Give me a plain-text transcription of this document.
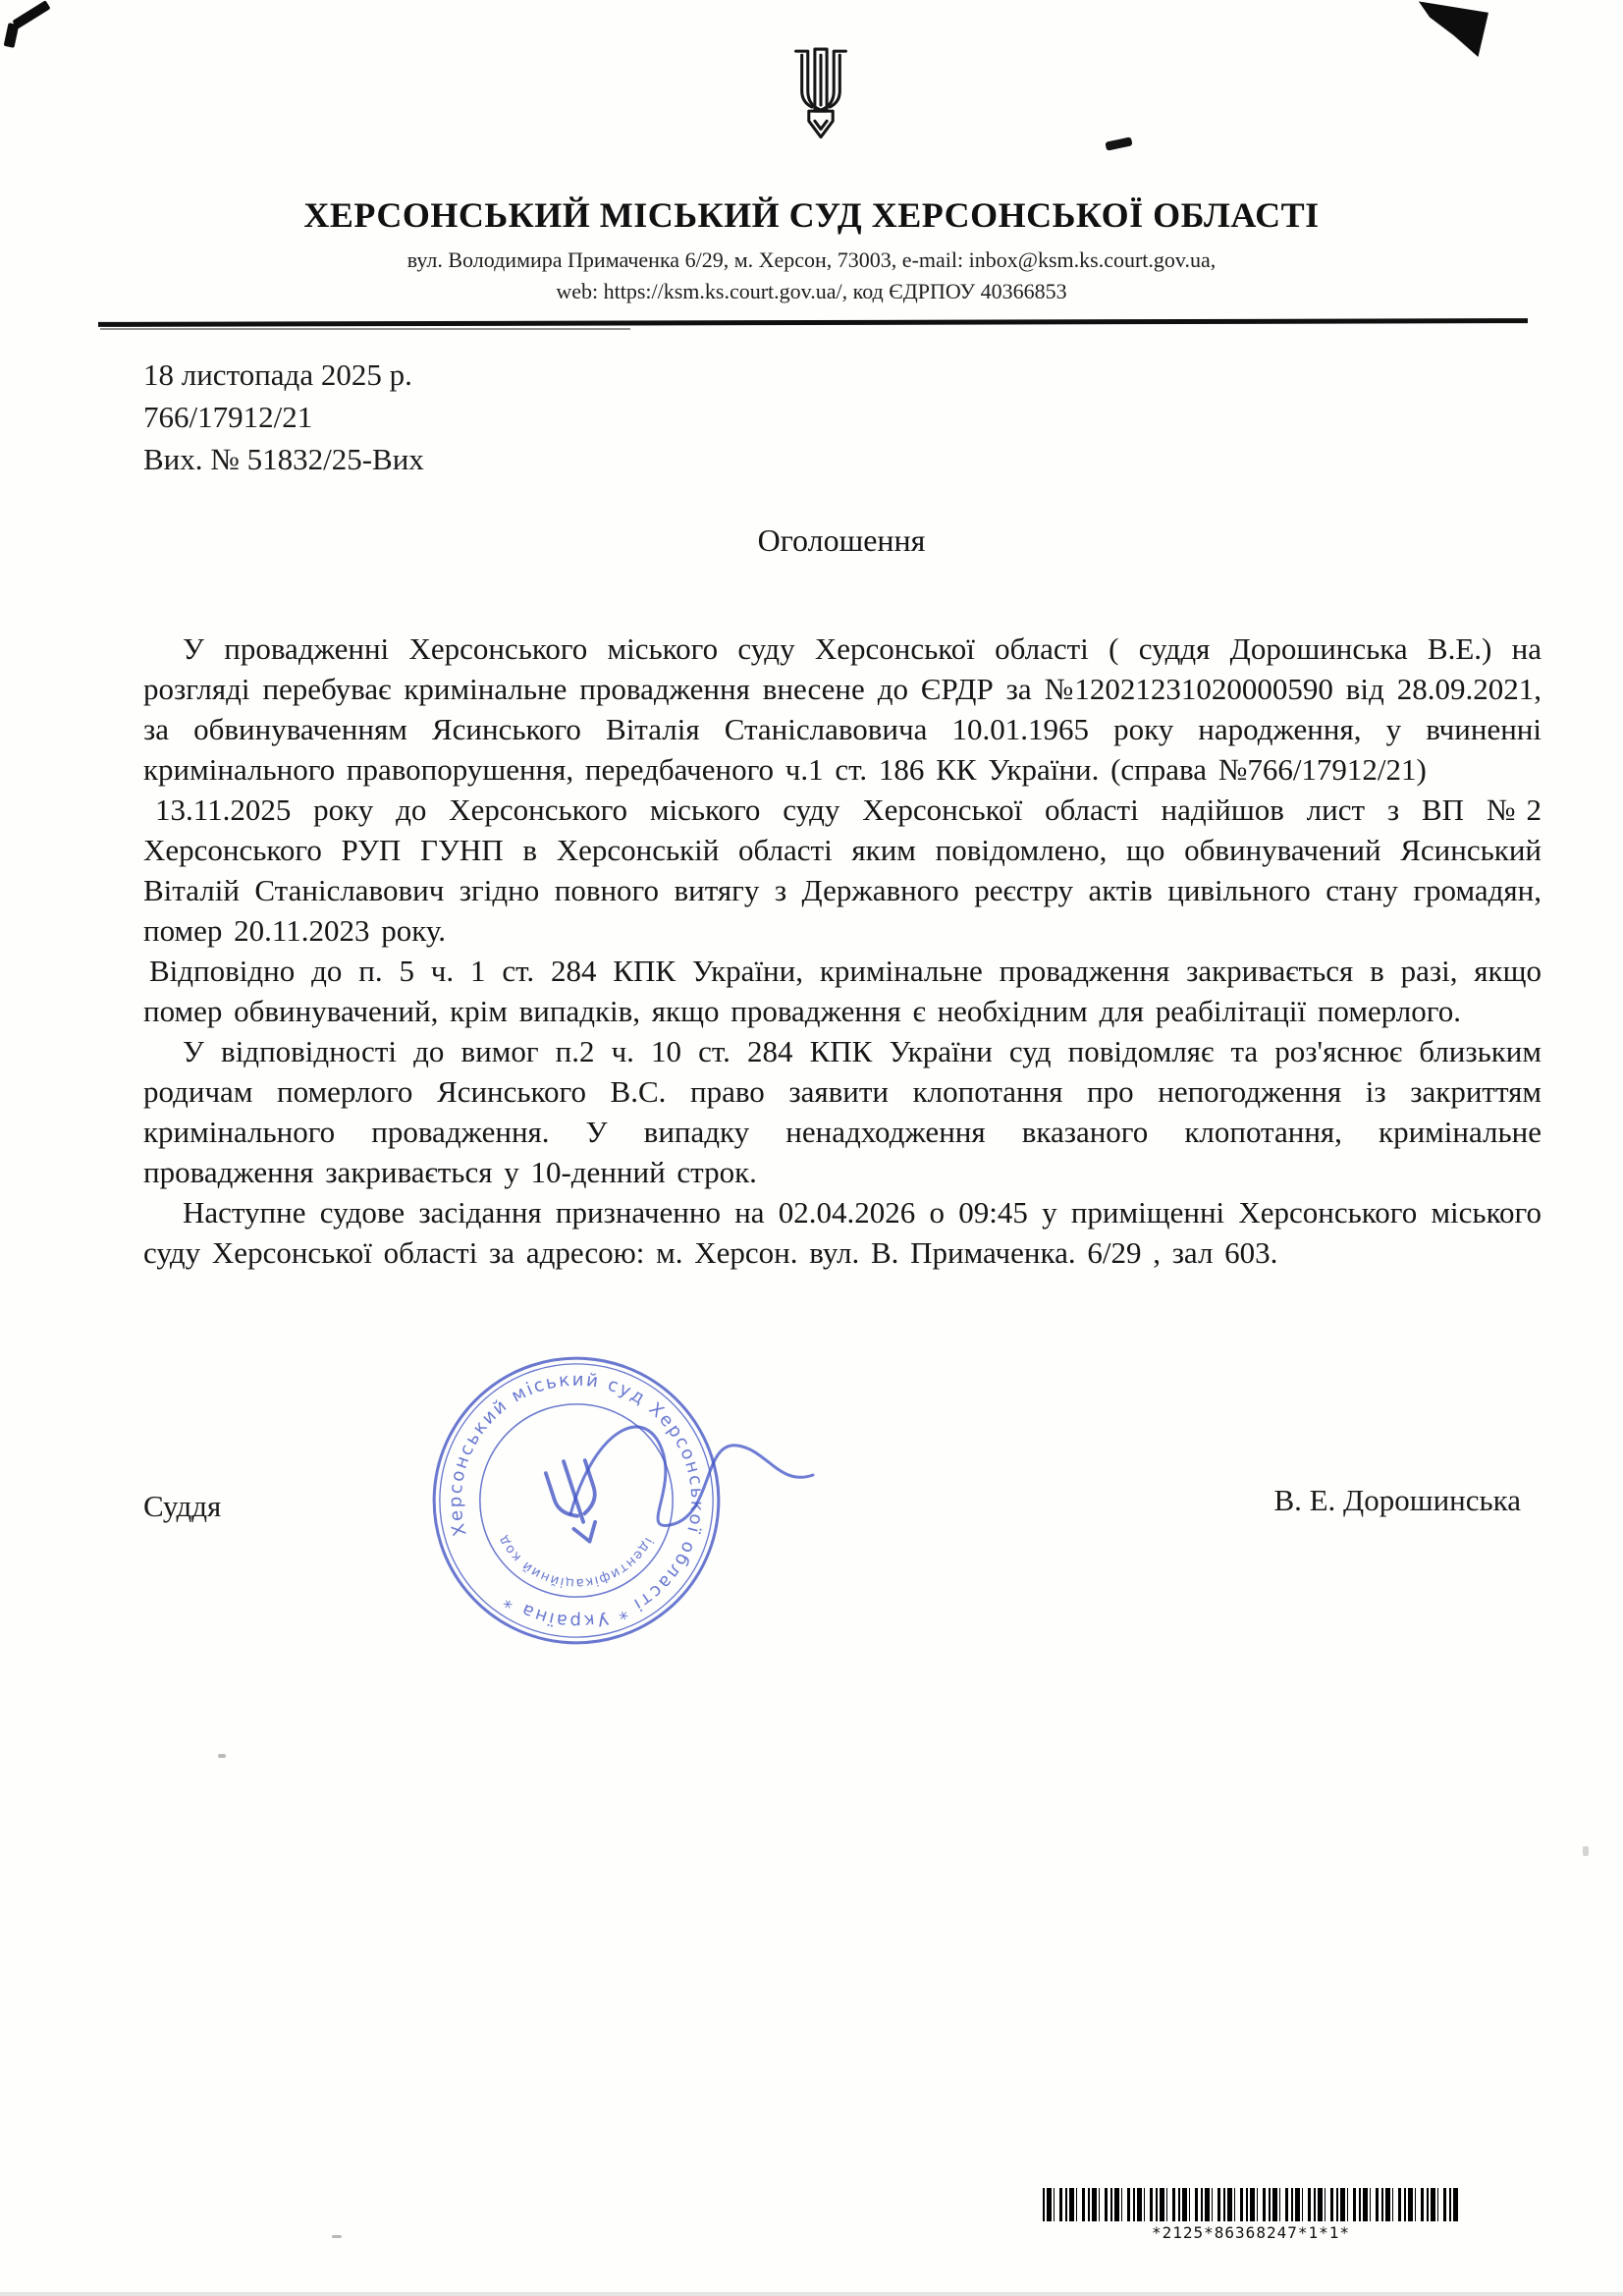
ХЕРСОНСЬКИЙ МІСЬКИЙ СУД ХЕРСОНСЬКОЇ ОБЛАСТІ
вул. Володимира Примаченка 6/29, м. Херсон, 73003, e-mail: inbox@ksm.ks.court.gov.ua,
web: https://ksm.ks.court.gov.ua/, код ЄДРПОУ 40366853
18 листопада 2025 р.
766/17912/21
Вих. № 51832/25-Вих
Оголошення

У провадженні Херсонського міського суду Херсонської області ( суддя Дорошинська В.Е.) на розгляді перебуває кримінальне провадження внесене до ЄРДР за №12021231020000590 від 28.09.2021, за обвинуваченням Ясинського Віталія Станіславовича 10.01.1965 року народження, у вчиненні кримінального правопорушення, передбаченого ч.1 ст. 186 КК України. (справа №766/17912/21)

13.11.2025 року до Херсонського міського суду Херсонської області надійшов лист з ВП №2 Херсонського РУП ГУНП в Херсонській області яким повідомлено, що обвинувачений Ясинський Віталій Станіславович згідно повного витягу з Державного реєстру актів цивільного стану громадян, помер 20.11.2023 року.

Відповідно до п. 5 ч. 1 ст. 284 КПК України, кримінальне провадження закривається в разі, якщо помер обвинувачений, крім випадків, якщо провадження є необхідним для реабілітації померлого.

У відповідності до вимог п.2 ч. 10 ст. 284 КПК України суд повідомляє та роз'яснює близьким родичам померлого Ясинського В.С. право заявити клопотання про непогодження із закриттям кримінального провадження. У випадку ненадходження вказаного клопотання, кримінальне провадження закривається у 10-денний строк.

Наступне судове засідання призначенно на 02.04.2026 о 09:45 у приміщенні Херсонського міського суду Херсонської області за адресою: м. Херсон. вул. В. Примаченка. 6/29 , зал 603.

Суддя	В. Е. Дорошинська
Херсонський міський суд Херсонської області * Україна *
ідентифікаційний код 40366853
*2125*86368247*1*1*
